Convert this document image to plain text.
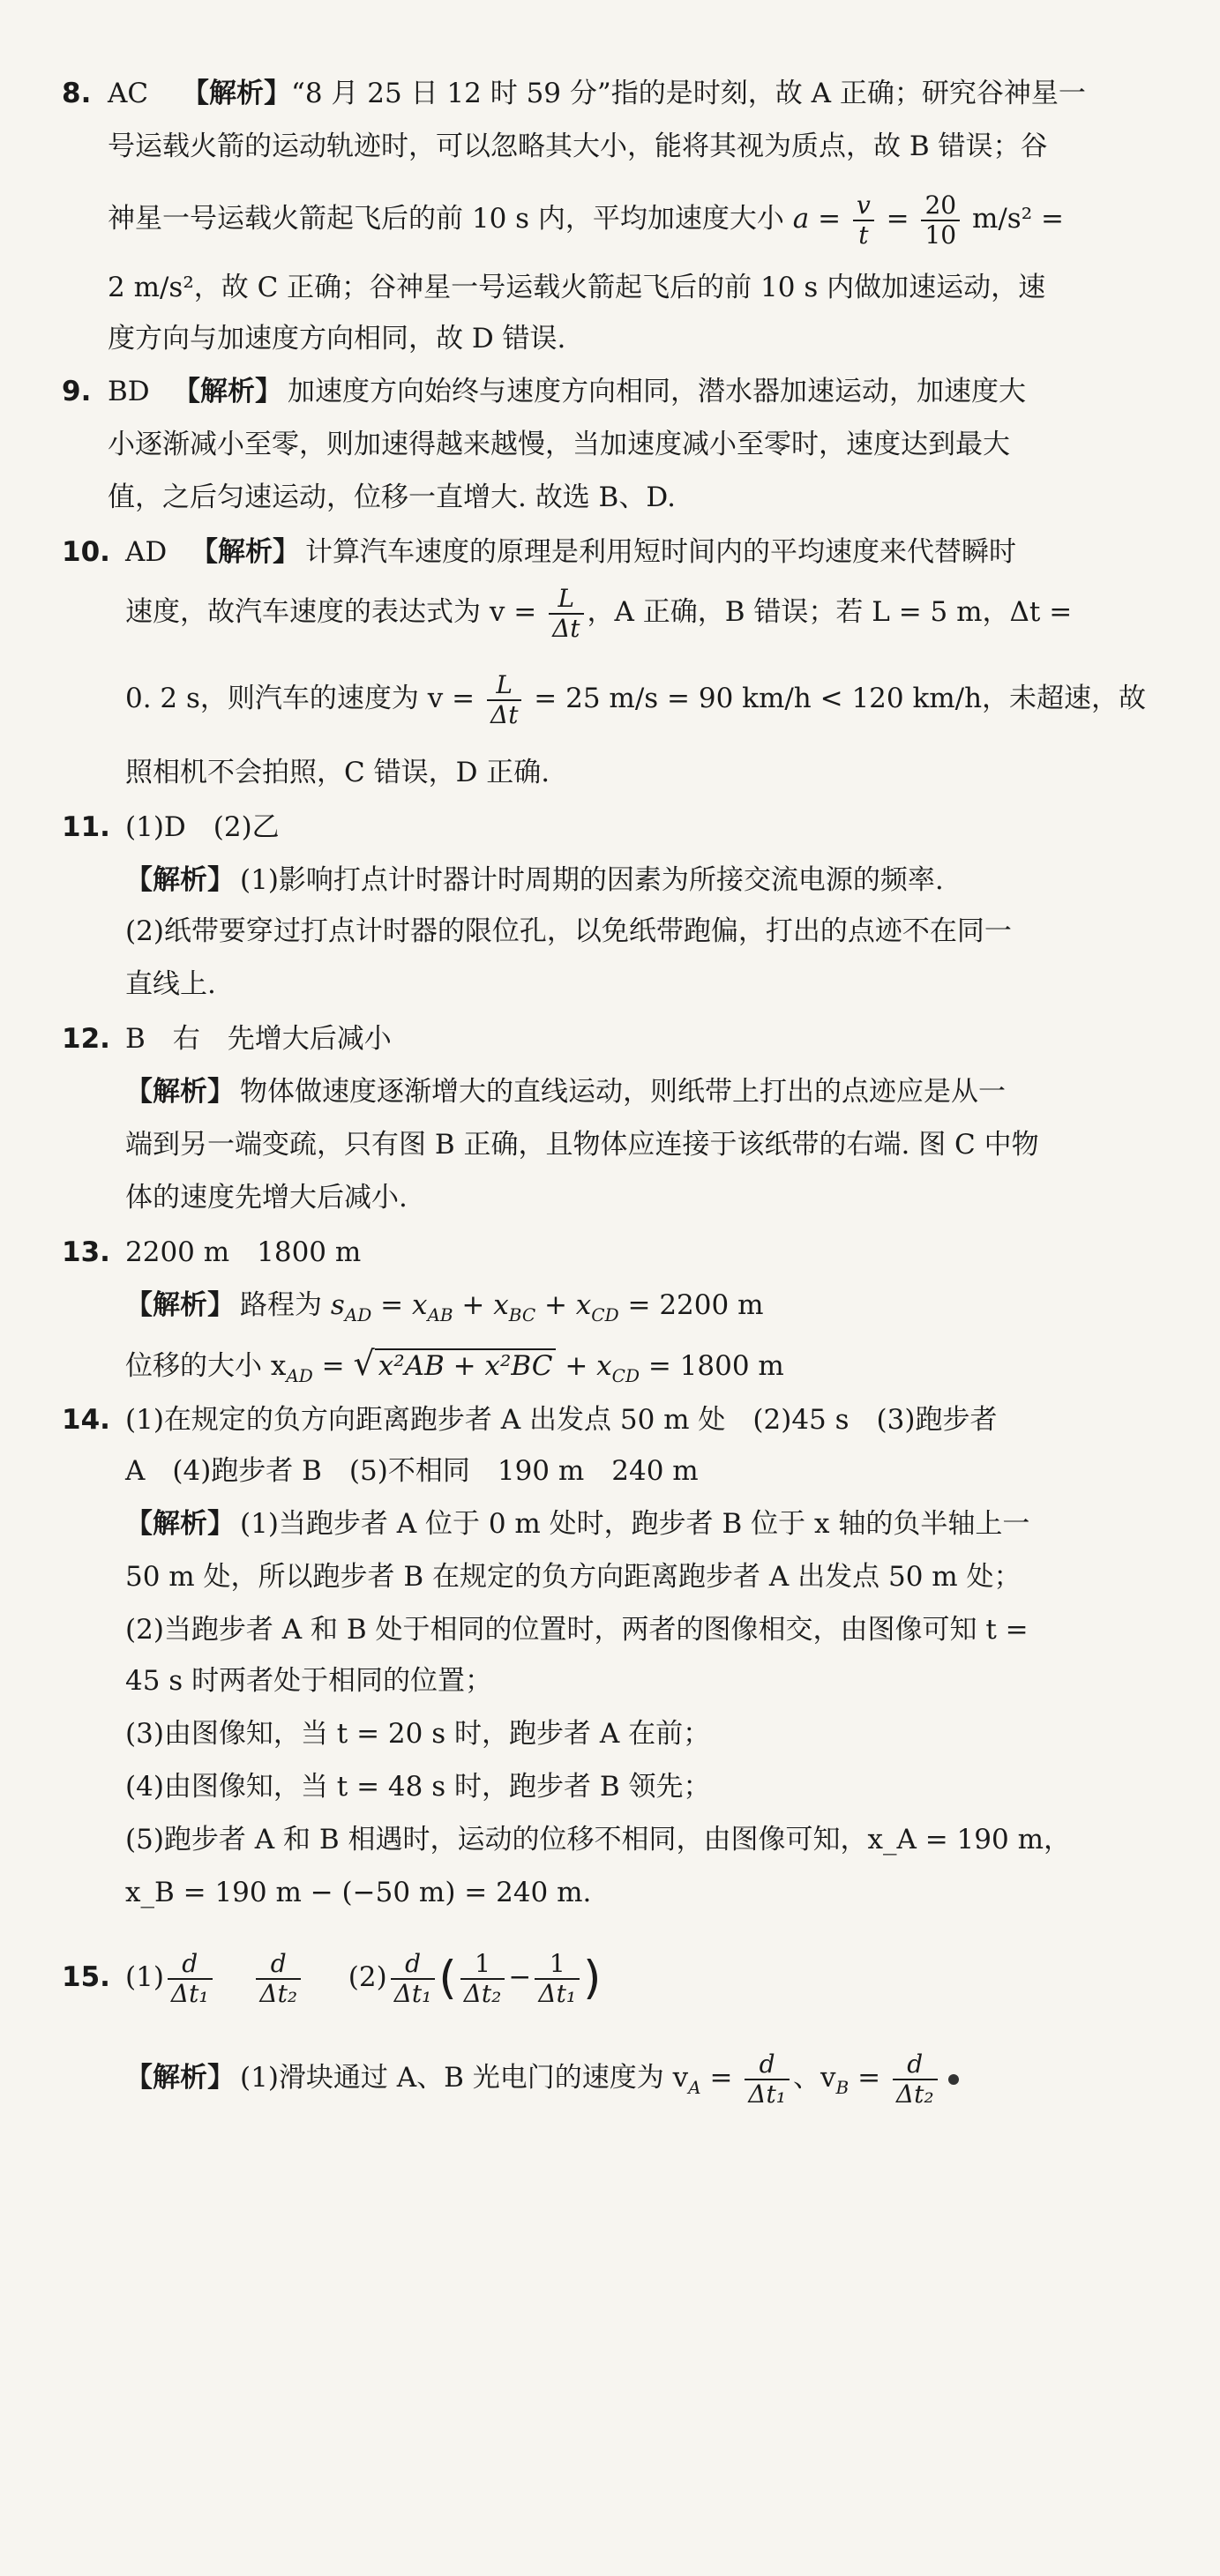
8. AC 【解析】 “8 月 25 日 12 时 59 分”指的是时刻，故 A 正确；研究谷神星一
号运载火箭的运动轨迹时，可以忽略其大小，能将其视为质点，故 B 错误；谷
神星一号运载火箭起飞后的前 10 s 内，平均加速度大小 $a = \frac{v}{t} = \frac{20}{10} m/s^2$ =
2 m/s²，故 C 正确；谷神星一号运载火箭起飞后的前 10 s 内做加速运动，速
度方向与加速度方向相同，故 D 错误.
9. BD 【解析】 加速度方向始终与速度方向相同，潜水器加速运动，加速度大
小逐渐减小至零，则加速得越来越慢，当加速度减小至零时，速度达到最大
值，之后匀速运动，位移一直增大. 故选 B、D.
10. AD 【解析】 计算汽车速度的原理是利用短时间内的平均速度来代替瞬时
速度，故汽车速度的表达式为 $v = \frac{L}{\Delta t}$ ，A 正确，B 错误；若 L = 5 m，Δt =
0. 2 s，则汽车的速度为 $v = \frac{L}{\Delta t} = 25$ m/s = 90 km/h < 120 km/h，未超速，故
照相机不会拍照，C 错误，D 正确.
11. (1)D　(2)乙
【解析】 (1)影响打点计时器计时周期的因素为所接交流电源的频率.
(2)纸带要穿过打点计时器的限位孔，以免纸带跑偏，打出的点迹不在同一
直线上.
12. B　右　先增大后减小
【解析】 物体做速度逐渐增大的直线运动，则纸带上打出的点迹应是从一
端到另一端变疏，只有图 B 正确，且物体应连接于该纸带的右端. 图 C 中物
体的速度先增大后减小.
13. 2200 m　1800 m
【解析】 路程为 $s_{AD} = x_{AB} + x_{BC} + x_{CD} = 2200$ m
位移的大小 $x_{AD}$ = √ $x^2AB + x^2BC + x_{CD} = 1800$ m
14. (1)在规定的负方向距离跑步者 A 出发点 50 m 处　(2)45 s　(3)跑步者
A　(4)跑步者 B　(5)不相同　190 m　240 m
【解析】 (1)当跑步者 A 位于 0 m 处时，跑步者 B 位于 x 轴的负半轴上一
50 m 处，所以跑步者 B 在规定的负方向距离跑步者 A 出发点 50 m 处；
(2)当跑步者 A 和 B 处于相同的位置时，两者的图像相交，由图像可知 t =
45 s 时两者处于相同的位置；
(3)由图像知，当 t = 20 s 时，跑步者 A 在前；
(4)由图像知，当 t = 48 s 时，跑步者 B 领先；
(5)跑步者 A 和 B 相遇时，运动的位移不相同，由图像可知，x_A = 190 m，
x_B = 190 m − (−50 m) = 240 m.
15. $(1) \frac{d}{\text{Δt₁}}$
$\frac{d}{\text{Δt₂}} (2) \frac{d}{\text{Δt₁}}$ ( $\frac{1}{\text{Δt₂}} - \frac{1}{\text{Δt₁}}$ )
【解析】 (1)滑块通过 A、B 光电门的速度为 $v_A = \frac{d}{\text{Δt₁}}$ 、$v_B = \frac{d}{\text{Δt₂}}$
